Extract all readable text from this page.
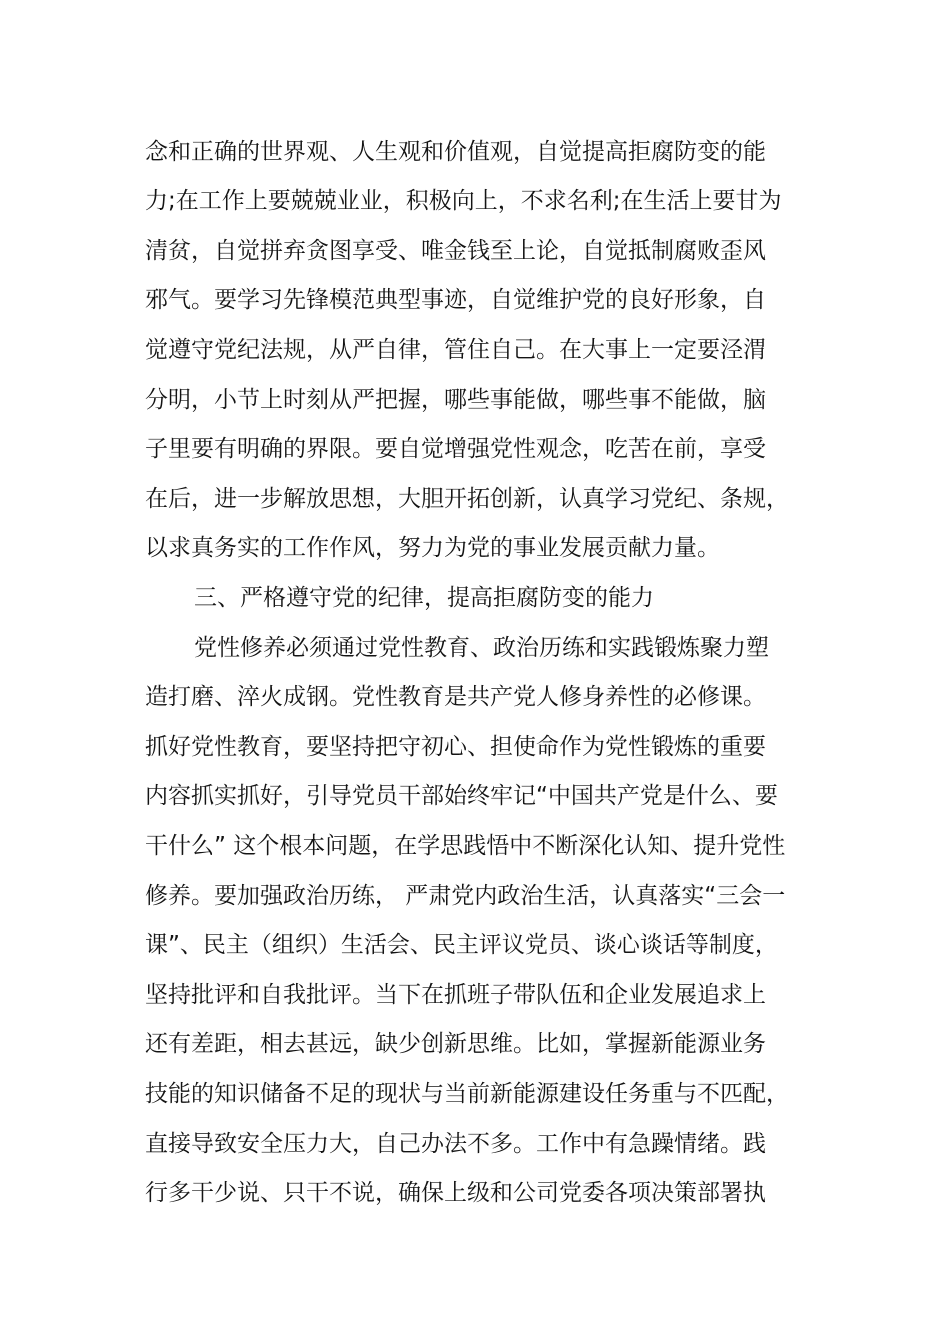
念和正确的世界观、人生观和价值观，自觉提高拒腐防变的能
力;在工作上要兢兢业业，积极向上，不求名利;在生活上要甘为
清贫，自觉拼弃贪图享受、唯金钱至上论，自觉抵制腐败歪风
邪气。要学习先锋模范典型事迹，自觉维护党的良好形象，自
觉遵守党纪法规，从严自律，管住自己。在大事上一定要泾渭
分明，小节上时刻从严把握，哪些事能做，哪些事不能做，脑
子里要有明确的界限。要自觉增强党性观念，吃苦在前，享受
在后，进一步解放思想，大胆开拓创新，认真学习党纪、条规，
以求真务实的工作作风，努力为党的事业发展贡献力量。
三、严格遵守党的纪律，提高拒腐防变的能力
党性修养必须通过党性教育、政治历练和实践锻炼聚力塑
造打磨、淬火成钢。党性教育是共产党人修身养性的必修课。
抓好党性教育，要坚持把守初心、担使命作为党性锻炼的重要
内容抓实抓好，引导党员干部始终牢记“中国共产党是什么、要
干什么” 这个根本问题，在学思践悟中不断深化认知、提升党性
修养。要加强政治历练， 严肃党内政治生活，认真落实“三会一
课”、民主（组织）生活会、民主评议党员、谈心谈话等制度，
坚持批评和自我批评。当下在抓班子带队伍和企业发展追求上
还有差距，相去甚远，缺少创新思维。比如，掌握新能源业务
技能的知识储备不足的现状与当前新能源建设任务重与不匹配，
直接导致安全压力大，自己办法不多。工作中有急躁情绪。践
行多干少说、只干不说，确保上级和公司党委各项决策部署执
